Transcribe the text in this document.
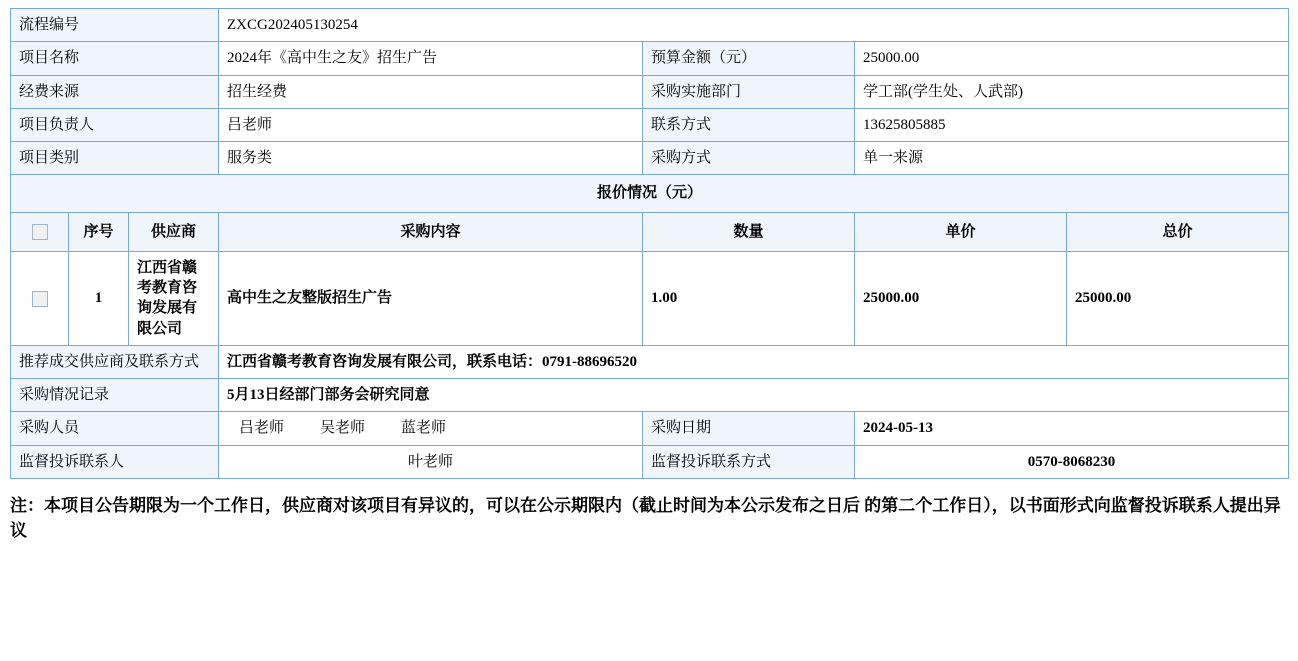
流程编号			ZXCG202405130254			
项目名称			2024年《高中生之友》招生广告	预算金额（元）	25000.00	
经费来源			招生经费	采购实施部门	学工部(学生处、人武部)	
项目负责人			吕老师	联系方式	13625805885	
项目类别			服务类	采购方式	单一来源	
报价情况（元）						
	序号	供应商	采购内容	数量	单价	总价
	1	江西省赣考教育咨询发展有限公司	高中生之友整版招生广告	1.00	25000.00	25000.00
推荐成交供应商及联系方式			江西省赣考教育咨询发展有限公司，联系电话：0791-88696520			
采购情况记录			5月13日经部门部务会研究同意			
采购人员			吕老师 吴老师 蓝老师	采购日期	2024-05-13	
监督投诉联系人			叶老师	监督投诉联系方式	0570-8068230	
注：本项目公告期限为一个工作日，供应商对该项目有异议的，可以在公示期限内（截止时间为本公示发布之日后 的第二个工作日），以书面形式向监督投诉联系人提出异议
